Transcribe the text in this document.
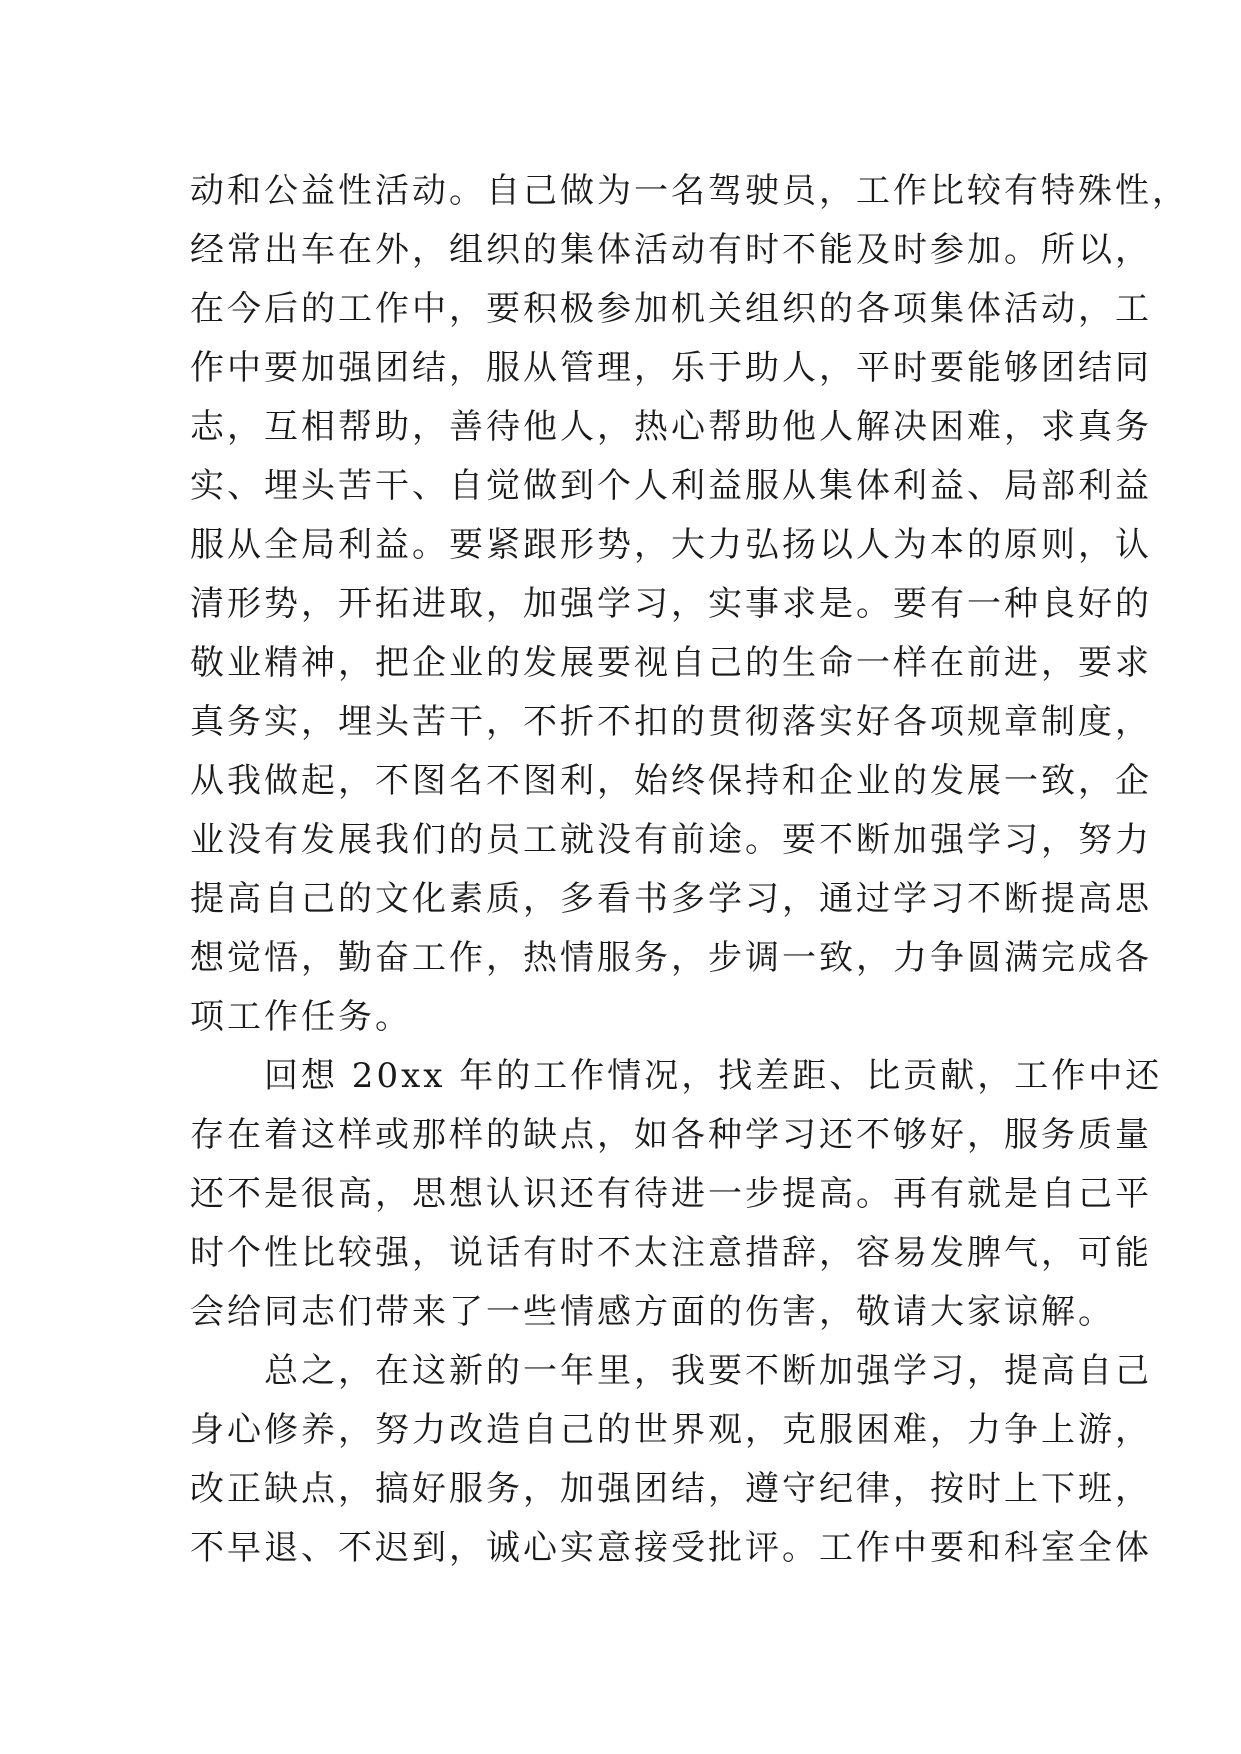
动和公益性活动。自己做为一名驾驶员，工作比较有特殊性，
经常出车在外，组织的集体活动有时不能及时参加。所以，
在今后的工作中，要积极参加机关组织的各项集体活动，工
作中要加强团结，服从管理，乐于助人，平时要能够团结同
志，互相帮助，善待他人，热心帮助他人解决困难，求真务
实、埋头苦干、自觉做到个人利益服从集体利益、局部利益
服从全局利益。要紧跟形势，大力弘扬以人为本的原则，认
清形势，开拓进取，加强学习，实事求是。要有一种良好的
敬业精神，把企业的发展要视自己的生命一样在前进，要求
真务实，埋头苦干，不折不扣的贯彻落实好各项规章制度，
从我做起，不图名不图利，始终保持和企业的发展一致，企
业没有发展我们的员工就没有前途。要不断加强学习，努力
提高自己的文化素质，多看书多学习，通过学习不断提高思
想觉悟，勤奋工作，热情服务，步调一致，力争圆满完成各
项工作任务。
　　回想 20xx 年的工作情况，找差距、比贡献，工作中还
存在着这样或那样的缺点，如各种学习还不够好，服务质量
还不是很高，思想认识还有待进一步提高。再有就是自己平
时个性比较强，说话有时不太注意措辞，容易发脾气，可能
会给同志们带来了一些情感方面的伤害，敬请大家谅解。
　　总之，在这新的一年里，我要不断加强学习，提高自己
身心修养，努力改造自己的世界观，克服困难，力争上游，
改正缺点，搞好服务，加强团结，遵守纪律，按时上下班，
不早退、不迟到，诚心实意接受批评。工作中要和科室全体
